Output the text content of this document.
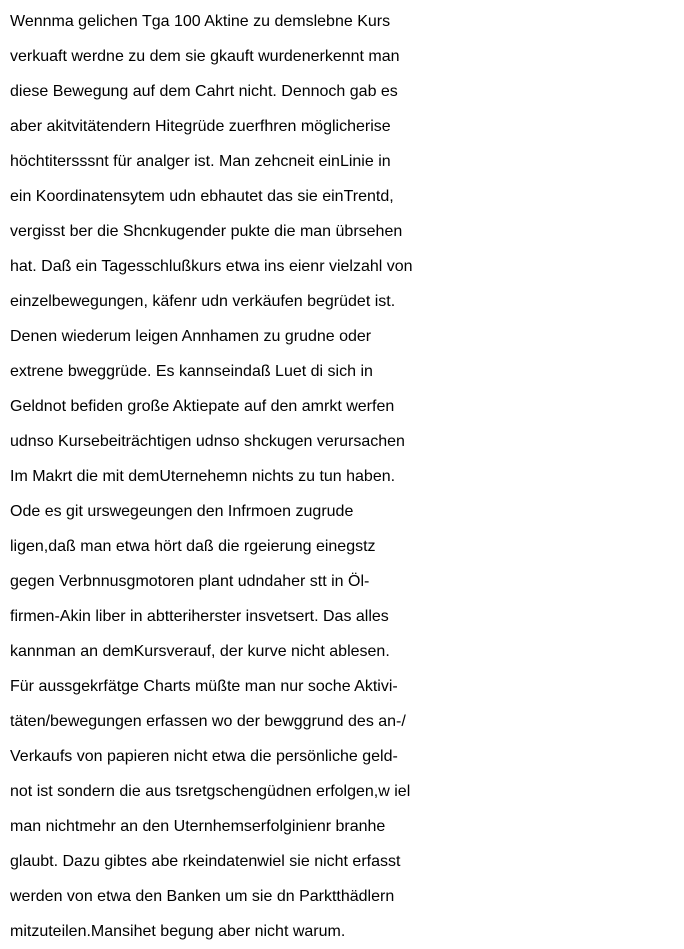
Wennma gelichen Tga 100 Aktine zu demslebne Kurs
verkuaft werdne zu dem sie gkauft wurdenerkennt man
diese Bewegung auf dem Cahrt nicht. Dennoch gab es
aber akitvitätendern Hitegrüde zuerfhren möglicherise
höchtitersssnt für analger ist. Man zehcneit einLinie in
ein Koordinatensytem udn ebhautet das sie einTrentd,
vergisst ber die Shcnkugender pukte die man übrsehen
hat. Daß ein Tagesschlußkurs etwa ins eienr vielzahl von
einzelbewegungen, käfenr udn verkäufen begrüdet ist.
Denen wiederum leigen Annhamen zu grudne oder
extrene bweggrüde. Es kannseindaß Luet di sich in
Geldnot befiden große Aktiepate auf den amrkt werfen
udnso Kursebeiträchtigen udnso shckugen verursachen
Im Makrt die mit demUternehemn nichts zu tun haben.
Ode es git urswegeungen den Infrmoen zugrude
ligen,daß man etwa hört daß die rgeierung einegstz
gegen Verbnnusgmotoren plant udndaher stt in Öl-
firmen-Akin liber in abtteriherster insvetsert. Das alles
kannman an demKursverauf, der kurve nicht ablesen.
Für aussgekrfätge Charts müßte man nur soche Aktivi-
täten/bewegungen erfassen wo der bewggrund des an-/
Verkaufs von papieren nicht etwa die persönliche geld-
not ist sondern die aus tsretgschengüdnen erfolgen,w iel
man nichtmehr an den Uternhemserfolginienr branhe
glaubt. Dazu gibtes abe rkeindatenwiel sie nicht erfasst
werden von etwa den Banken um sie dn Parktthädlern
mitzuteilen.Mansihet begung aber nicht warum.
